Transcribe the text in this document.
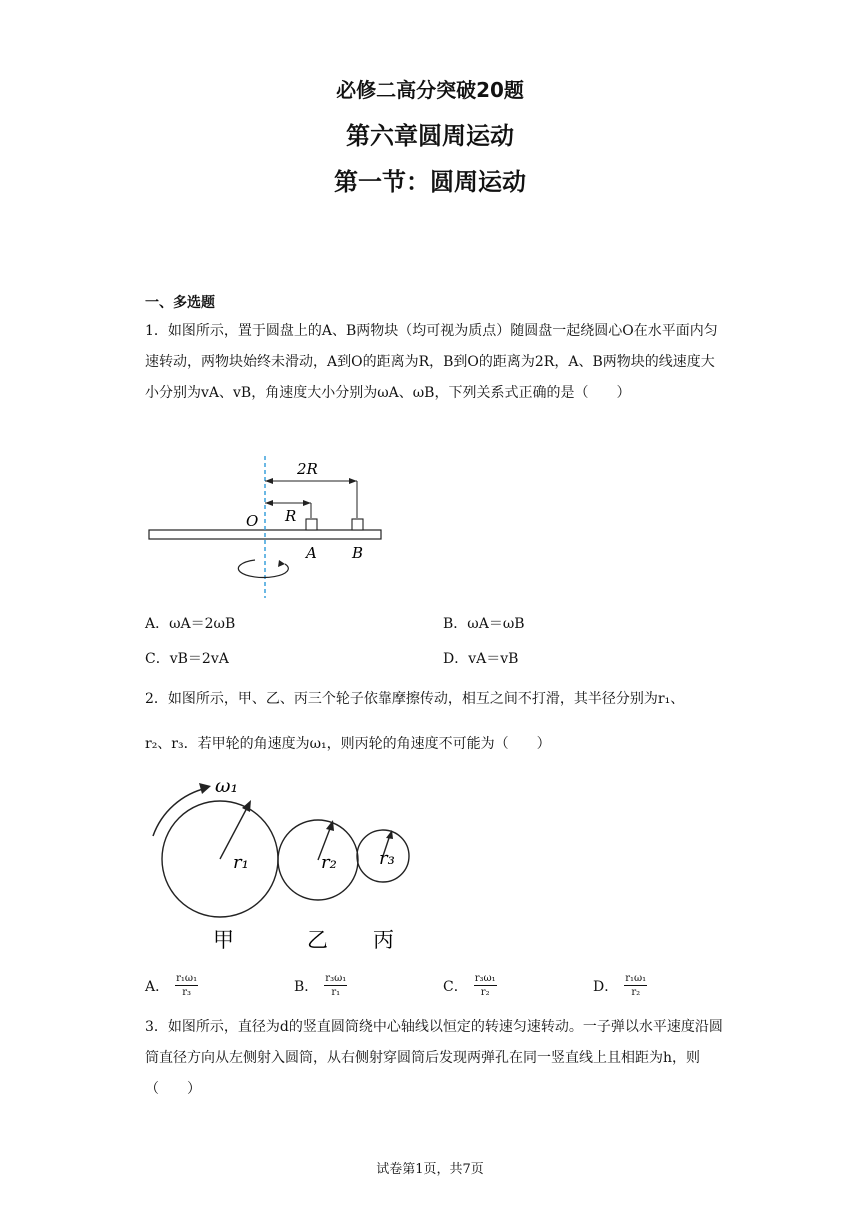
必修二高分突破20题
第六章圆周运动
第一节：圆周运动
一、多选题

1．如图所示，置于圆盘上的A、B两物块（均可视为质点）随圆盘一起绕圆心O在水平面内匀速转动，两物块始终未滑动，A到O的距离为R，B到O的距离为2R，A、B两物块的线速度大小分别为vA、vB，角速度大小分别为ωA、ωB，下列关系式正确的是（　　）

2R
R
O
A B
A．ωA＝2ωB	B．ωA＝ωB
C．vB＝2vA	D．vA＝vB
2．如图所示，甲、乙、丙三个轮子依靠摩擦传动，相互之间不打滑，其半径分别为r₁、
r₂、r₃．若甲轮的角速度为ω₁，则丙轮的角速度不可能为（　　）
ω₁
r₁	r₂ r₃
甲	乙 丙
A． $\frac{\text{r₁ω₁}}{\text{r₃}}$	B． $\frac{\text{r₃ω₁}}{\text{r₁}}$	C． $\frac{\text{r₃ω₁}}{\text{r₂}}$	D． $\frac{\text{r₁ω₁}}{\text{r₂}}$

3．如图所示，直径为d的竖直圆筒绕中心轴线以恒定的转速匀速转动。一子弹以水平速度沿圆筒直径方向从左侧射入圆筒，从右侧射穿圆筒后发现两弹孔在同一竖直线上且相距为h，则（　　）

试卷第1页，共7页
